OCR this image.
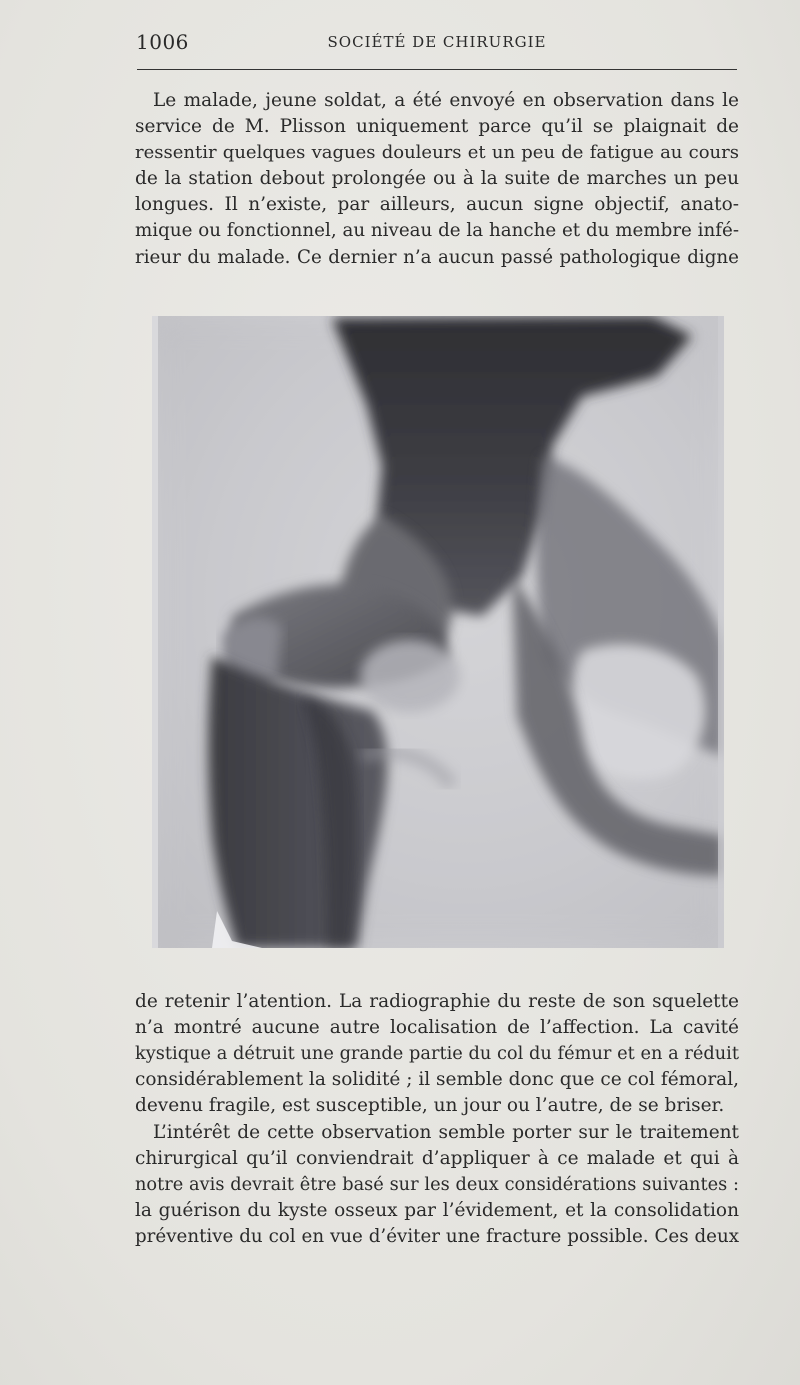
1006	SOCIÉTÉ DE CHIRURGIE
Le malade, jeune soldat, a été envoyé en observation dans le
service de M. Plisson uniquement parce qu’il se plaignait de
ressentir quelques vagues douleurs et un peu de fatigue au cours
de la station debout prolongée ou à la suite de marches un peu
longues. Il n’existe, par ailleurs, aucun signe objectif, anato-
mique ou fonctionnel, au niveau de la hanche et du membre infé-
rieur du malade. Ce dernier n’a aucun passé pathologique digne
de retenir l’atention. La radiographie du reste de son squelette
n’a montré aucune autre localisation de l’affection. La cavité
kystique a détruit une grande partie du col du fémur et en a réduit
considérablement la solidité ; il semble donc que ce col fémoral,
devenu fragile, est susceptible, un jour ou l’autre, de se briser.
L’intérêt de cette observation semble porter sur le traitement
chirurgical qu’il conviendrait d’appliquer à ce malade et qui à
notre avis devrait être basé sur les deux considérations suivantes :
la guérison du kyste osseux par l’évidement, et la consolidation
préventive du col en vue d’éviter une fracture possible. Ces deux
